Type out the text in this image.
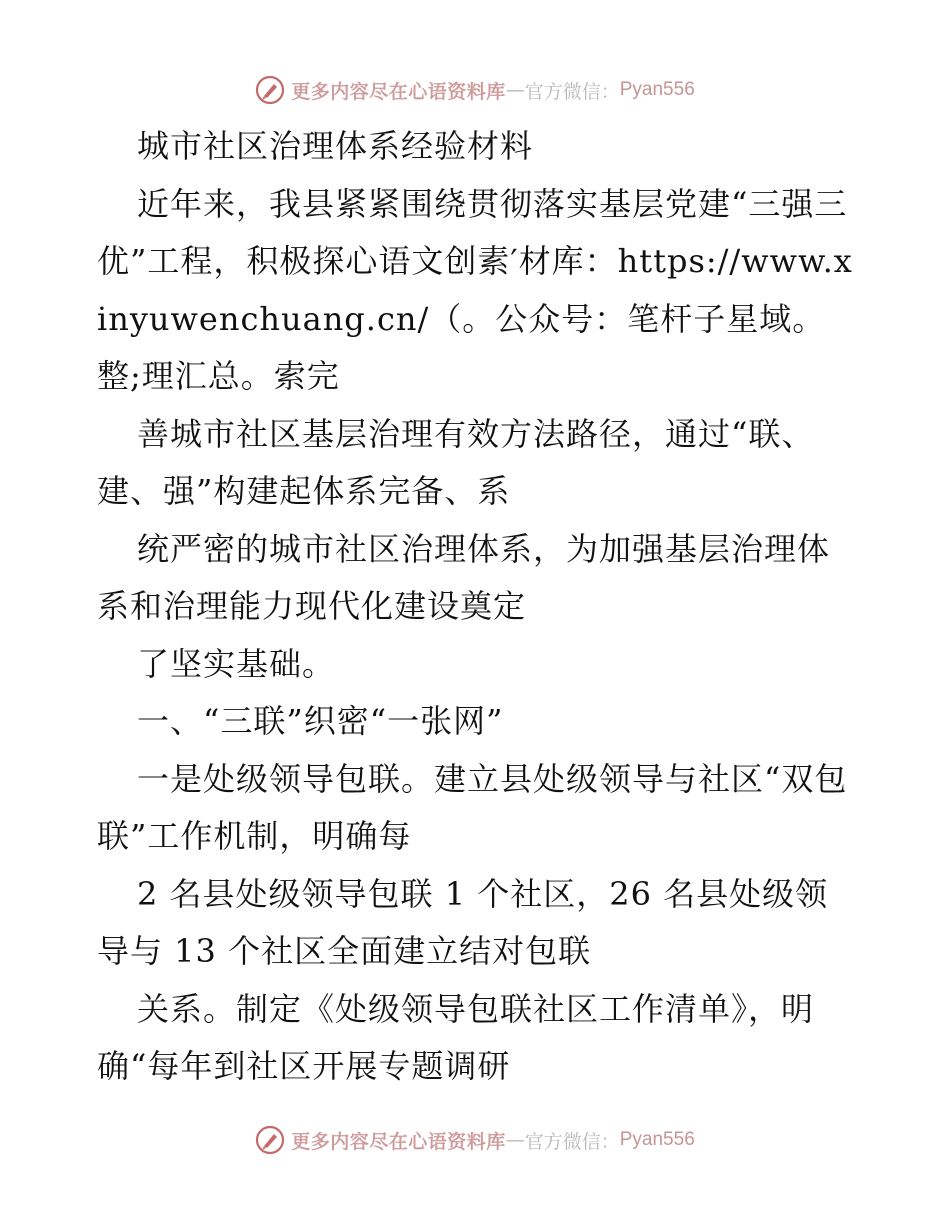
更多内容尽在心语资料库 — 官方微信： Pyan556

城市社区治理体系经验材料

近年来，我县紧紧围绕贯彻落实基层党建“三强三优”工程，积极探心语文创素′材库：https://www.xinyuwenchuang.cn/（。公众号：笔杆子星域。整;理汇总。索完

善城市社区基层治理有效方法路径，通过“联、建、强”构建起体系完备、系

统严密的城市社区治理体系，为加强基层治理体系和治理能力现代化建设奠定

了坚实基础。

一、“三联”织密“一张网”

一是处级领导包联。建立县处级领导与社区“双包联”工作机制，明确每

2 名县处级领导包联 1 个社区，26 名县处级领导与 13 个社区全面建立结对包联

关系。制定《处级领导包联社区工作清单》，明确“每年到社区开展专题调研

更多内容尽在心语资料库 — 官方微信： Pyan556
